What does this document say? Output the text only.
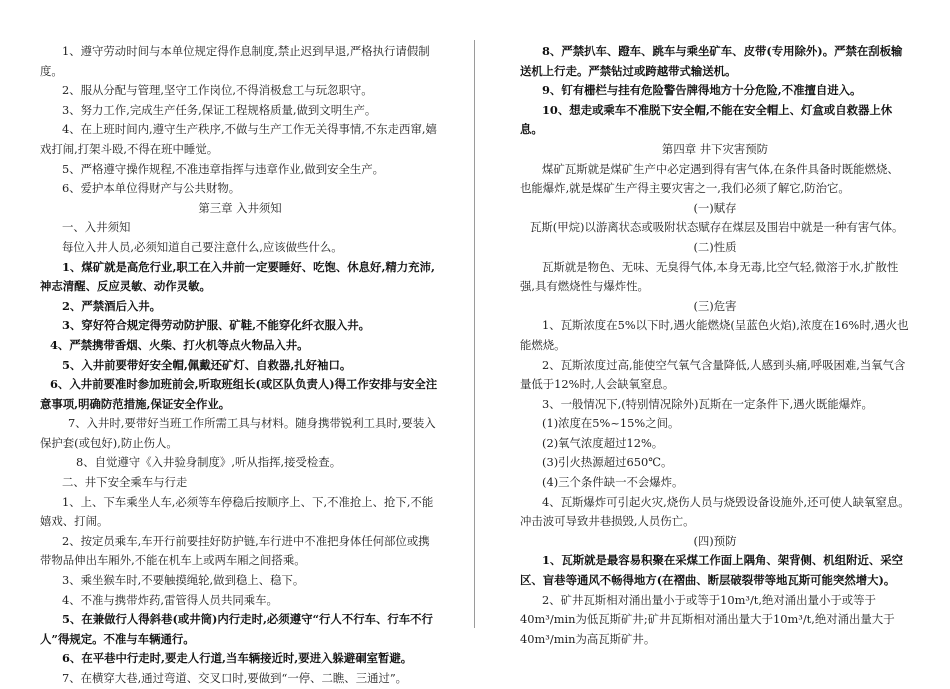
1、遵守劳动时间与本单位规定得作息制度,禁止迟到早退,严格执行请假制度。

2、服从分配与管理,坚守工作岗位,不得消极怠工与玩忽职守。

3、努力工作,完成生产任务,保证工程规格质量,做到文明生产。

4、在上班时间内,遵守生产秩序,不做与生产工作无关得事情,不东走西窜,嬉戏打闹,打架斗殴,不得在班中睡觉。

5、严格遵守操作规程,不准违章指挥与违章作业,做到安全生产。

6、爱护本单位得财产与公共财物。

第三章 入井须知

一、入井须知

每位入井人员,必须知道自己要注意什么,应该做些什么。

1、煤矿就是高危行业,职工在入井前一定要睡好、吃饱、休息好,精力充沛,神志清醒、反应灵敏、动作灵敏。

2、严禁酒后入井。

3、穿好符合规定得劳动防护服、矿鞋,不能穿化纤衣服入井。

4、严禁携带香烟、火柴、打火机等点火物品入井。

5、入井前要带好安全帽,佩戴还矿灯、自救器,扎好袖口。

6、入井前要准时参加班前会,听取班组长(或区队负责人)得工作安排与安全注意事项,明确防范措施,保证安全作业。

7、入井时,要带好当班工作所需工具与材料。随身携带锐利工具时,要装入保护套(或包好),防止伤人。

8、自觉遵守《入井验身制度》,听从指挥,接受检查。

二、井下安全乘车与行走

1、上、下车乘坐人车,必须等车停稳后按顺序上、下,不准抢上、抢下,不能嬉戏、打闹。

2、按定员乘车,车开行前要挂好防护链,车行进中不准把身体任何部位或携带物品伸出车厢外,不能在机车上或两车厢之间搭乘。

3、乘坐猴车时,不要触摸绳轮,做到稳上、稳下。

4、不准与携带炸药,雷管得人员共同乘车。

5、在兼做行人得斜巷(或井筒)内行走时,必须遵守“行人不行车、行车不行人”得规定。不准与车辆通行。

6、在平巷中行走时,要走人行道,当车辆接近时,要进入躲避硐室暂避。

7、在横穿大巷,通过弯道、交叉口时,要做到“一停、二瞧、三通过”。

8、严禁扒车、蹬车、跳车与乘坐矿车、皮带(专用除外)。严禁在刮板输送机上行走。严禁钻过或跨越带式输送机。

9、钉有栅栏与挂有危险警告牌得地方十分危险,不准擅自进入。

10、想走或乘车不准脱下安全帽,不能在安全帽上、灯盒或自救器上休息。

第四章 井下灾害预防

煤矿瓦斯就是煤矿生产中必定遇到得有害气体,在条件具备时既能燃烧、也能爆炸,就是煤矿生产得主要灾害之一,我们必须了解它,防治它。

(一)赋存

瓦斯(甲烷)以游离状态或吸附状态赋存在煤层及围岩中就是一种有害气体。

(二)性质

瓦斯就是物色、无味、无臭得气体,本身无毒,比空气轻,微溶于水,扩散性强,具有燃烧性与爆炸性。

(三)危害

1、瓦斯浓度在5%以下时,遇火能燃烧(呈蓝色火焰),浓度在16%时,遇火也能燃烧。

2、瓦斯浓度过高,能使空气氧气含量降低,人感到头痛,呼吸困难,当氧气含量低于12%时,人会缺氧窒息。

3、一般情况下,(特别情况除外)瓦斯在一定条件下,遇火既能爆炸。

(1)浓度在5%~15%之间。

(2)氧气浓度超过12%。

(3)引火热源超过650℃。

(4)三个条件缺一不会爆炸。

4、瓦斯爆炸可引起火灾,烧伤人员与烧毁设备设施外,还可使人缺氧窒息。冲击波可导致井巷损毁,人员伤亡。

(四)预防

1、瓦斯就是最容易积聚在采煤工作面上隅角、架背侧、机组附近、采空区、盲巷等通风不畅得地方(在褶曲、断层破裂带等地瓦斯可能突然增大)。

2、矿井瓦斯相对涌出量小于或等于10m³/t,绝对涌出量小于或等于40m³/min为低瓦斯矿井;矿井瓦斯相对涌出量大于10m³/t,绝对涌出量大于40m³/min为高瓦斯矿井。
